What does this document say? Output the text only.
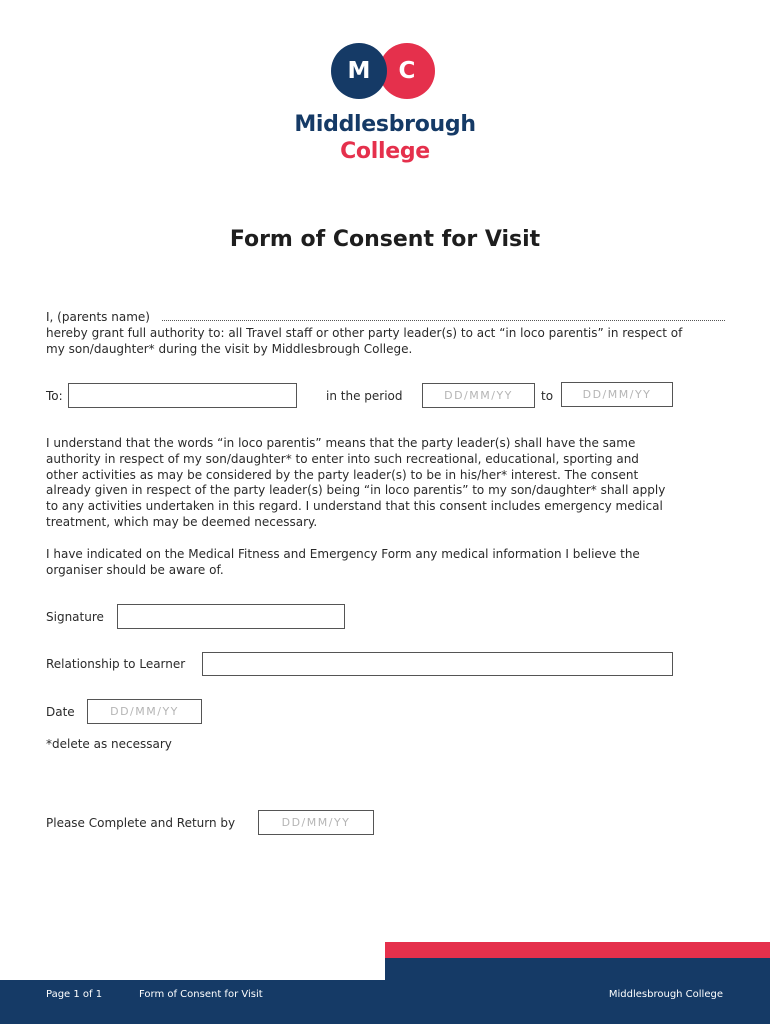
M C
Middlesbrough
College
Form of Consent for Visit
I, (parents name)
hereby grant full authority to: all Travel staff or other party leader(s) to act “in loco parentis” in respect of
my son/daughter* during the visit by Middlesbrough College.
To:	in the period	DD/MM/YY	to	DD/MM/YY
I understand that the words “in loco parentis” means that the party leader(s) shall have the same
authority in respect of my son/daughter* to enter into such recreational, educational, sporting and
other activities as may be considered by the party leader(s) to be in his/her* interest. The consent
already given in respect of the party leader(s) being “in loco parentis” to my son/daughter* shall apply
to any activities undertaken in this regard. I understand that this consent includes emergency medical
treatment, which may be deemed necessary.
I have indicated on the Medical Fitness and Emergency Form any medical information I believe the
organiser should be aware of.
Signature
Relationship to Learner
Date	DD/MM/YY
*delete as necessary
Please Complete and Return by	DD/MM/YY
Page 1 of 1	Form of Consent for Visit	Middlesbrough College
